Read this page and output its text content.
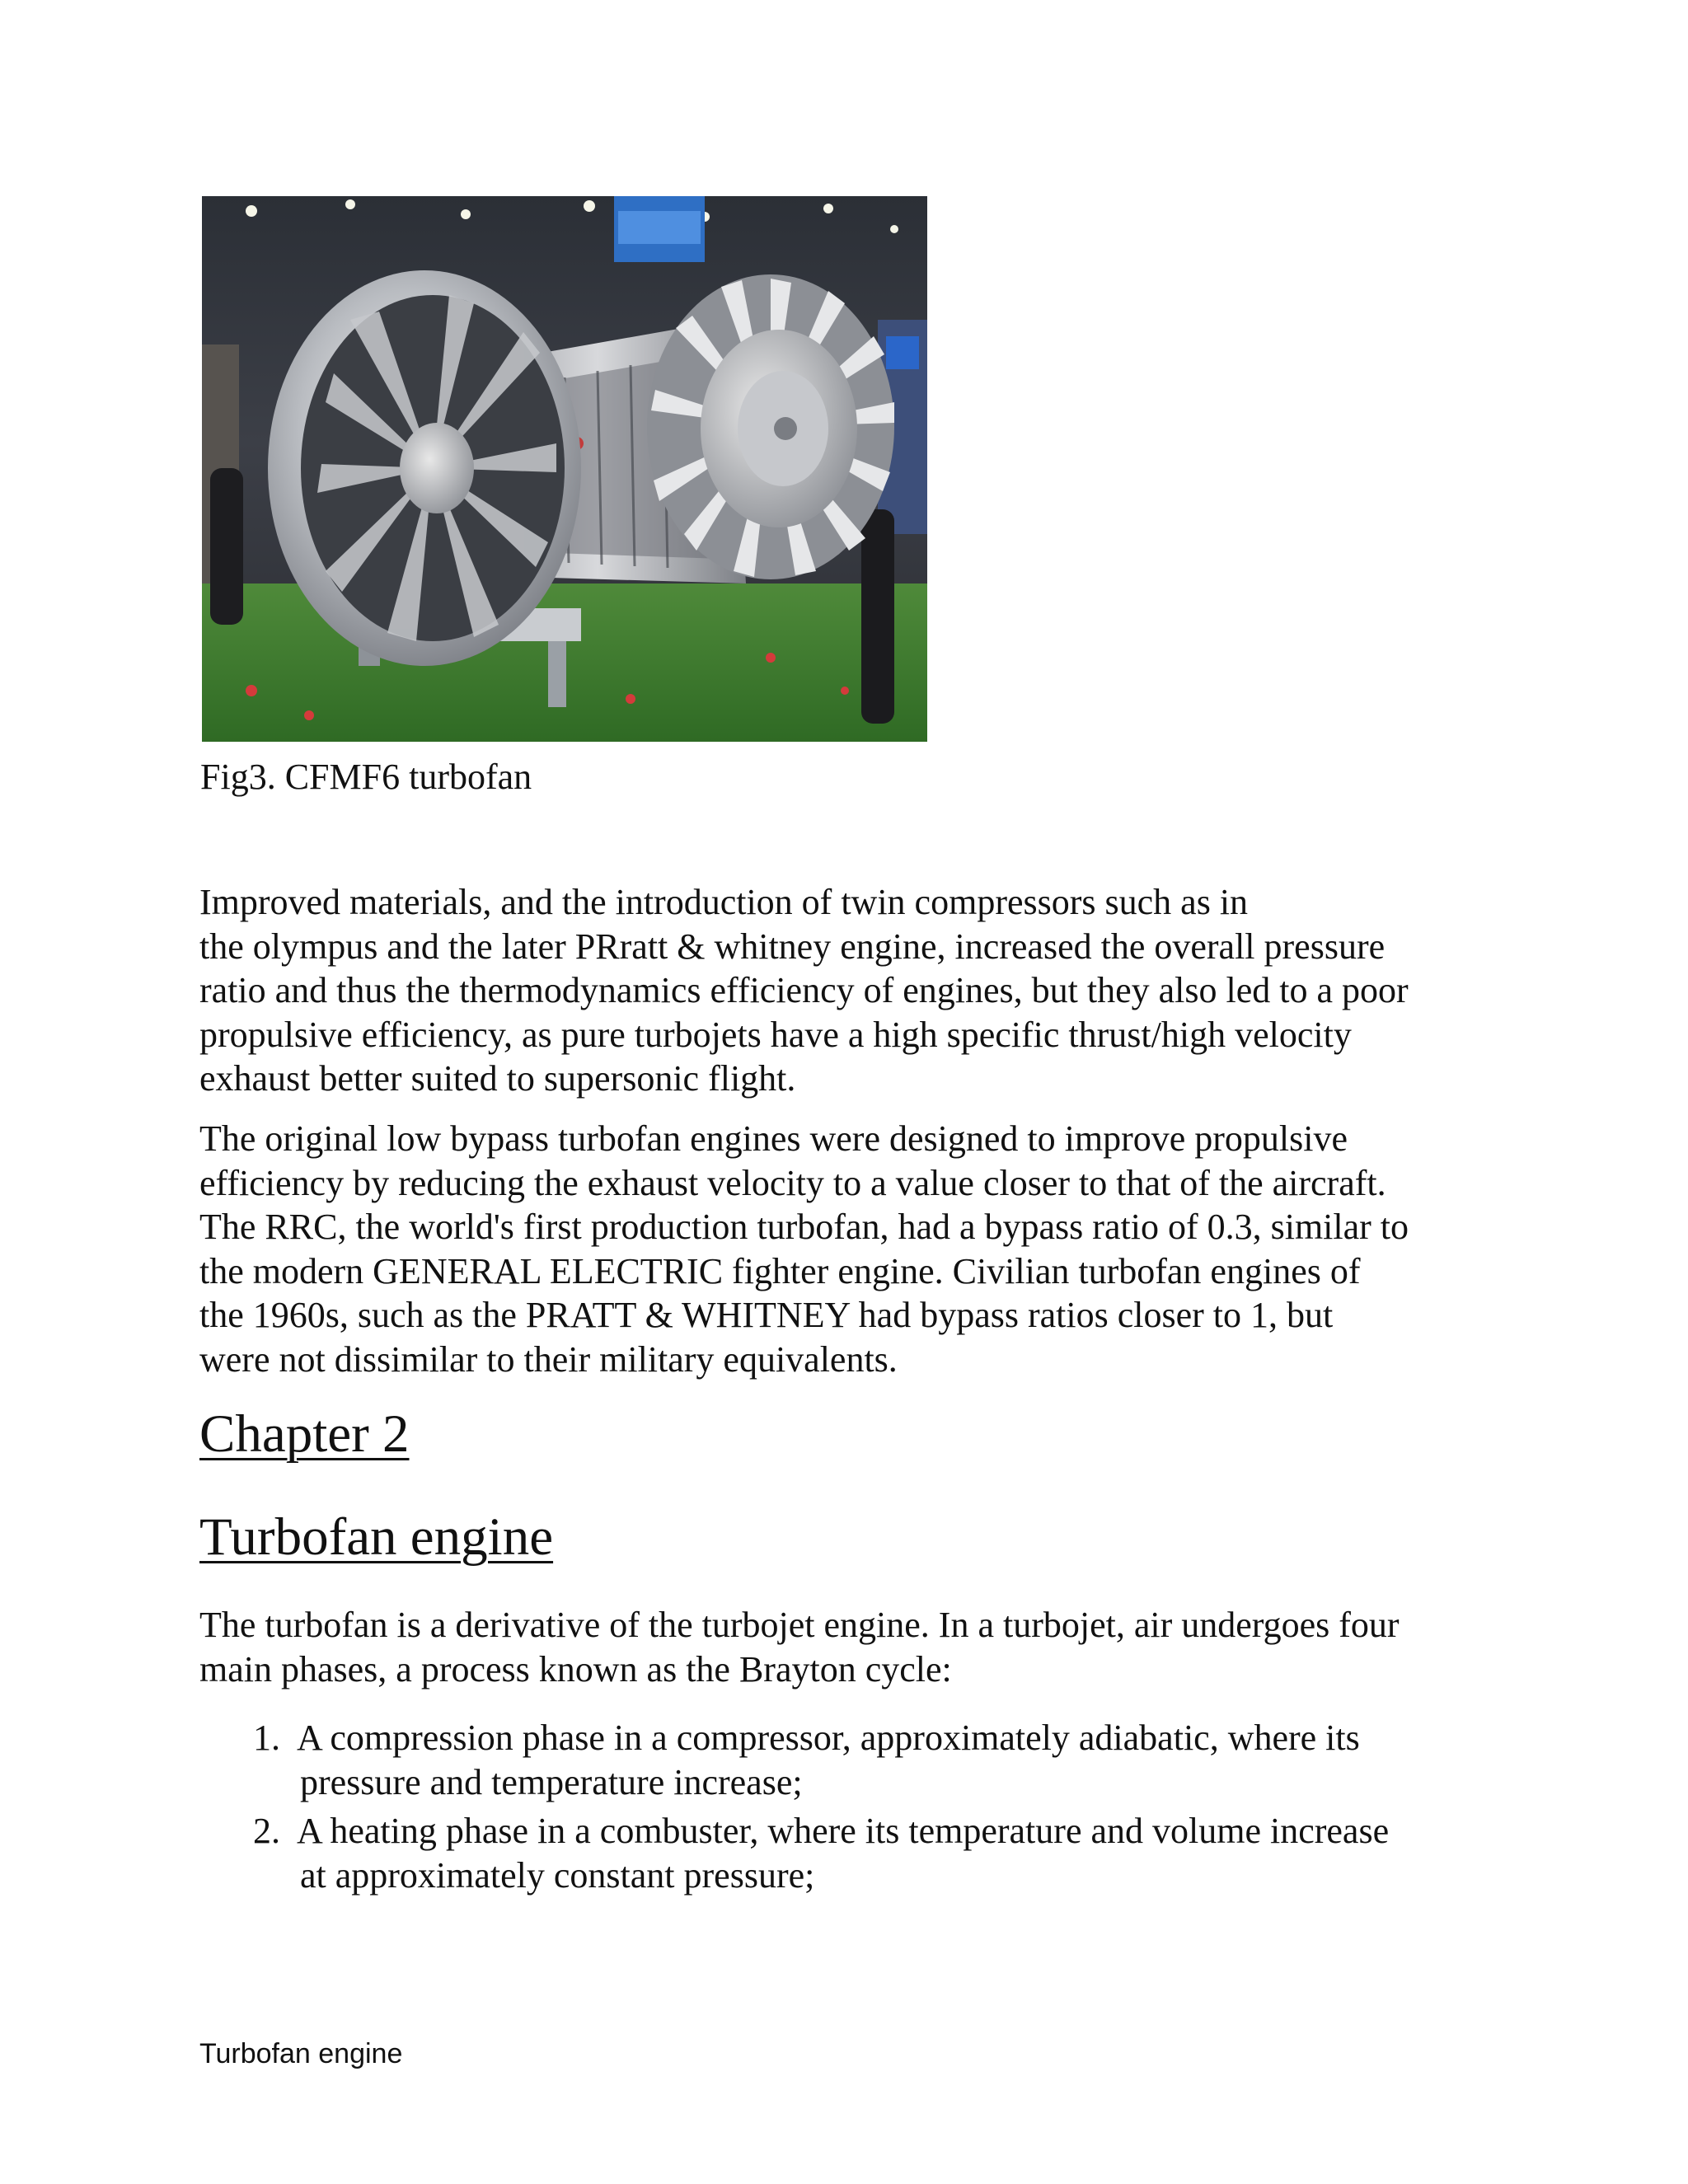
Fig3. CFMF6 turbofan
Improved materials, and the introduction of twin compressors such as in
the olympus and the later PRratt & whitney engine, increased the overall pressure
ratio and thus the thermodynamics efficiency of engines, but they also led to a poor
propulsive efficiency, as pure turbojets have a high specific thrust/high velocity
exhaust better suited to supersonic flight.
The original low bypass turbofan engines were designed to improve propulsive
efficiency by reducing the exhaust velocity to a value closer to that of the aircraft.
The RRC, the world's first production turbofan, had a bypass ratio of 0.3, similar to
the modern GENERAL ELECTRIC fighter engine. Civilian turbofan engines of
the 1960s, such as the PRATT & WHITNEY had bypass ratios closer to 1, but
were not dissimilar to their military equivalents.
Chapter 2
Turbofan engine
The turbofan is a derivative of the turbojet engine. In a turbojet, air undergoes four
main phases, a process known as the Brayton cycle:
1. A compression phase in a compressor, approximately adiabatic, where its
pressure and temperature increase;
2. A heating phase in a combuster, where its temperature and volume increase
at approximately constant pressure;
Turbofan engine
